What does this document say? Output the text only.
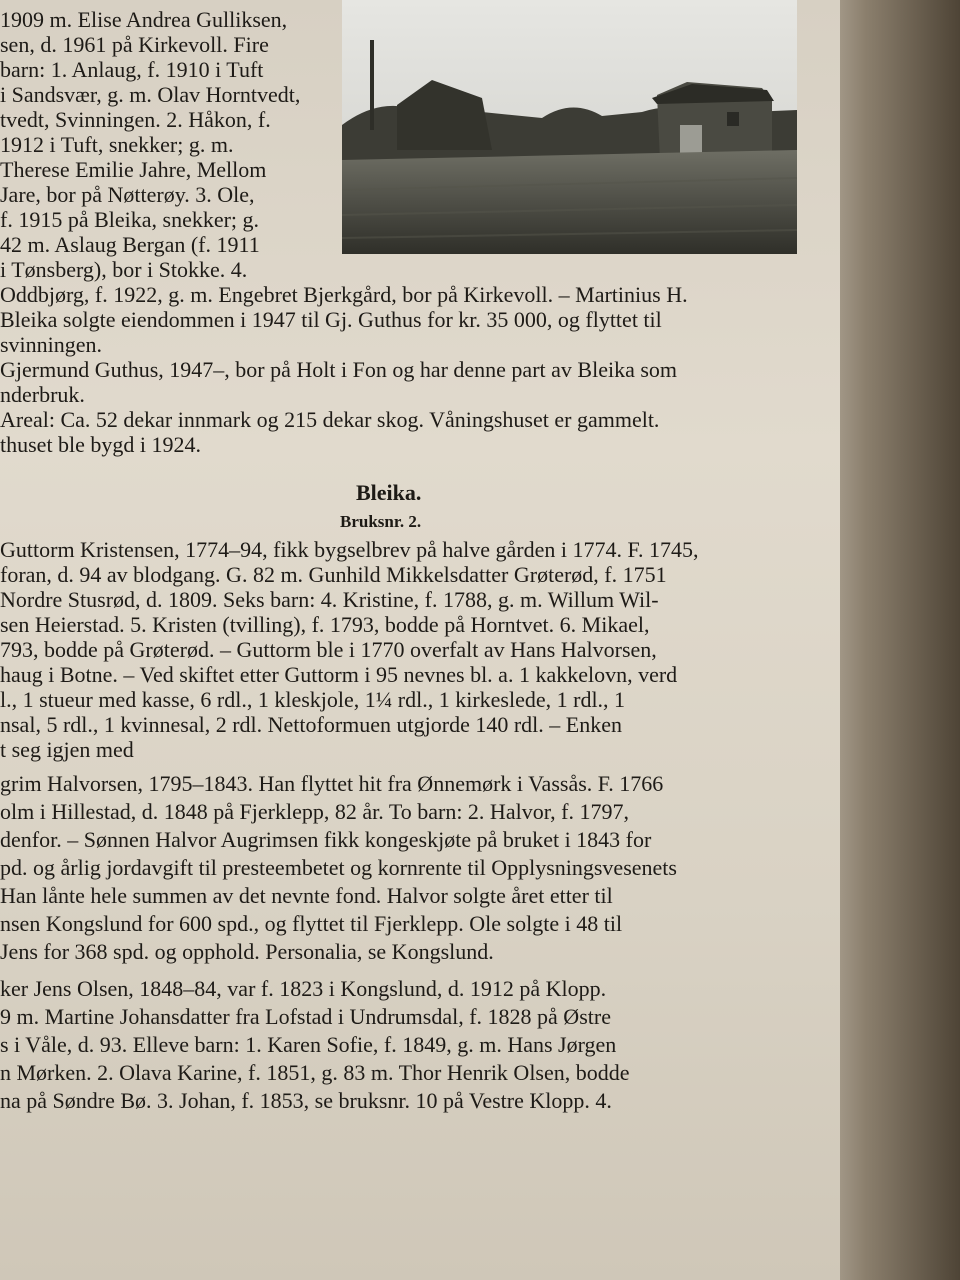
1909 m. Elise Andrea Gulliksen,
sen, d. 1961 på Kirkevoll. Fire
barn: 1. Anlaug, f. 1910 i Tuft
i Sandsvær, g. m. Olav Horntvedt,
tvedt, Svinningen. 2. Håkon, f.
1912 i Tuft, snekker; g. m.
Therese Emilie Jahre, Mellom
Jare, bor på Nøtterøy. 3. Ole,
f. 1915 på Bleika, snekker; g.
42 m. Aslaug Bergan (f. 1911
i Tønsberg), bor i Stokke. 4.
Oddbjørg, f. 1922, g. m. Engebret Bjerkgård, bor på Kirkevoll. – Martinius H.
Bleika solgte eiendommen i 1947 til Gj. Guthus for kr. 35 000, og flyttet til
svinningen.
Gjermund Guthus, 1947–, bor på Holt i Fon og har denne part av Bleika som
nderbruk.
Areal: Ca. 52 dekar innmark og 215 dekar skog. Våningshuset er gammelt.
thuset ble bygd i 1924.
Bleika.
Bruksnr. 2.
Guttorm Kristensen, 1774–94, fikk bygselbrev på halve gården i 1774. F. 1745,
foran, d. 94 av blodgang. G. 82 m. Gunhild Mikkelsdatter Grøterød, f. 1751
Nordre Stusrød, d. 1809. Seks barn: 4. Kristine, f. 1788, g. m. Willum Wil-
sen Heierstad. 5. Kristen (tvilling), f. 1793, bodde på Horntvet. 6. Mikael,
793, bodde på Grøterød. – Guttorm ble i 1770 overfalt av Hans Halvorsen,
haug i Botne. – Ved skiftet etter Guttorm i 95 nevnes bl. a. 1 kakkelovn, verd
l., 1 stueur med kasse, 6 rdl., 1 kleskjole, 1¼ rdl., 1 kirkeslede, 1 rdl., 1
nsal, 5 rdl., 1 kvinnesal, 2 rdl. Nettoformuen utgjorde 140 rdl. – Enken
t seg igjen med
grim Halvorsen, 1795–1843. Han flyttet hit fra Ønnemørk i Vassås. F. 1766
olm i Hillestad, d. 1848 på Fjerklepp, 82 år. To barn: 2. Halvor, f. 1797,
denfor. – Sønnen Halvor Augrimsen fikk kongeskjøte på bruket i 1843 for
pd. og årlig jordavgift til presteembetet og kornrente til Opplysningsvesenets
Han lånte hele summen av det nevnte fond. Halvor solgte året etter til
nsen Kongslund for 600 spd., og flyttet til Fjerklepp. Ole solgte i 48 til
Jens for 368 spd. og opphold. Personalia, se Kongslund.
ker Jens Olsen, 1848–84, var f. 1823 i Kongslund, d. 1912 på Klopp.
9 m. Martine Johansdatter fra Lofstad i Undrumsdal, f. 1828 på Østre
s i Våle, d. 93. Elleve barn: 1. Karen Sofie, f. 1849, g. m. Hans Jørgen
n Mørken. 2. Olava Karine, f. 1851, g. 83 m. Thor Henrik Olsen, bodde
na på Søndre Bø. 3. Johan, f. 1853, se bruksnr. 10 på Vestre Klopp. 4.
